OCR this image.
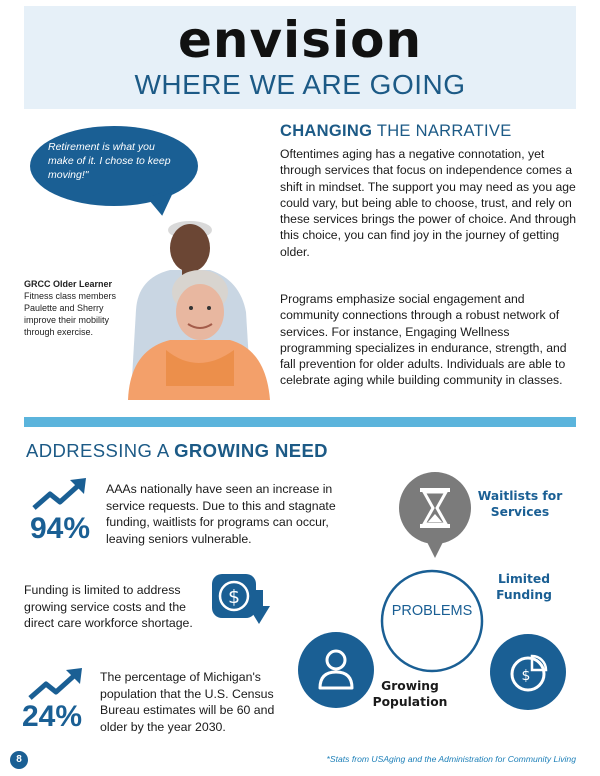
envision
WHERE WE ARE GOING
Retirement is what you make of it. I chose to keep moving!"
GRCC Older Learner
Fitness class members Paulette and Sherry improve their mobility through exercise.
CHANGING THE NARRATIVE
Oftentimes aging has a negative connotation, yet through services that focus on independence comes a shift in mindset. The support you may need as you age could vary, but being able to choose, trust, and rely on these services brings the power of choice. And through this choice, you can find joy in the journey of getting older.
Programs emphasize social engagement and community connections through a robust network of services. For instance, Engaging Wellness programming specializes in endurance, strength, and fall prevention for older adults. Individuals are able to celebrate aging while building community in classes.
ADDRESSING A GROWING NEED
94%
AAAs nationally have seen an increase in service requests. Due to this and stagnate funding, waitlists for programs can occur, leaving seniors vulnerable.
Funding is limited to address growing service costs and the direct care workforce shortage.
$
24%
The percentage of Michigan's population that the U.S. Census Bureau estimates will be 60 and older by the year 2030.
PROBLEMS
$
Waitlists for Services
Limited Funding
Growing Population
8	*Stats from USAging and the Administration for Community Living
